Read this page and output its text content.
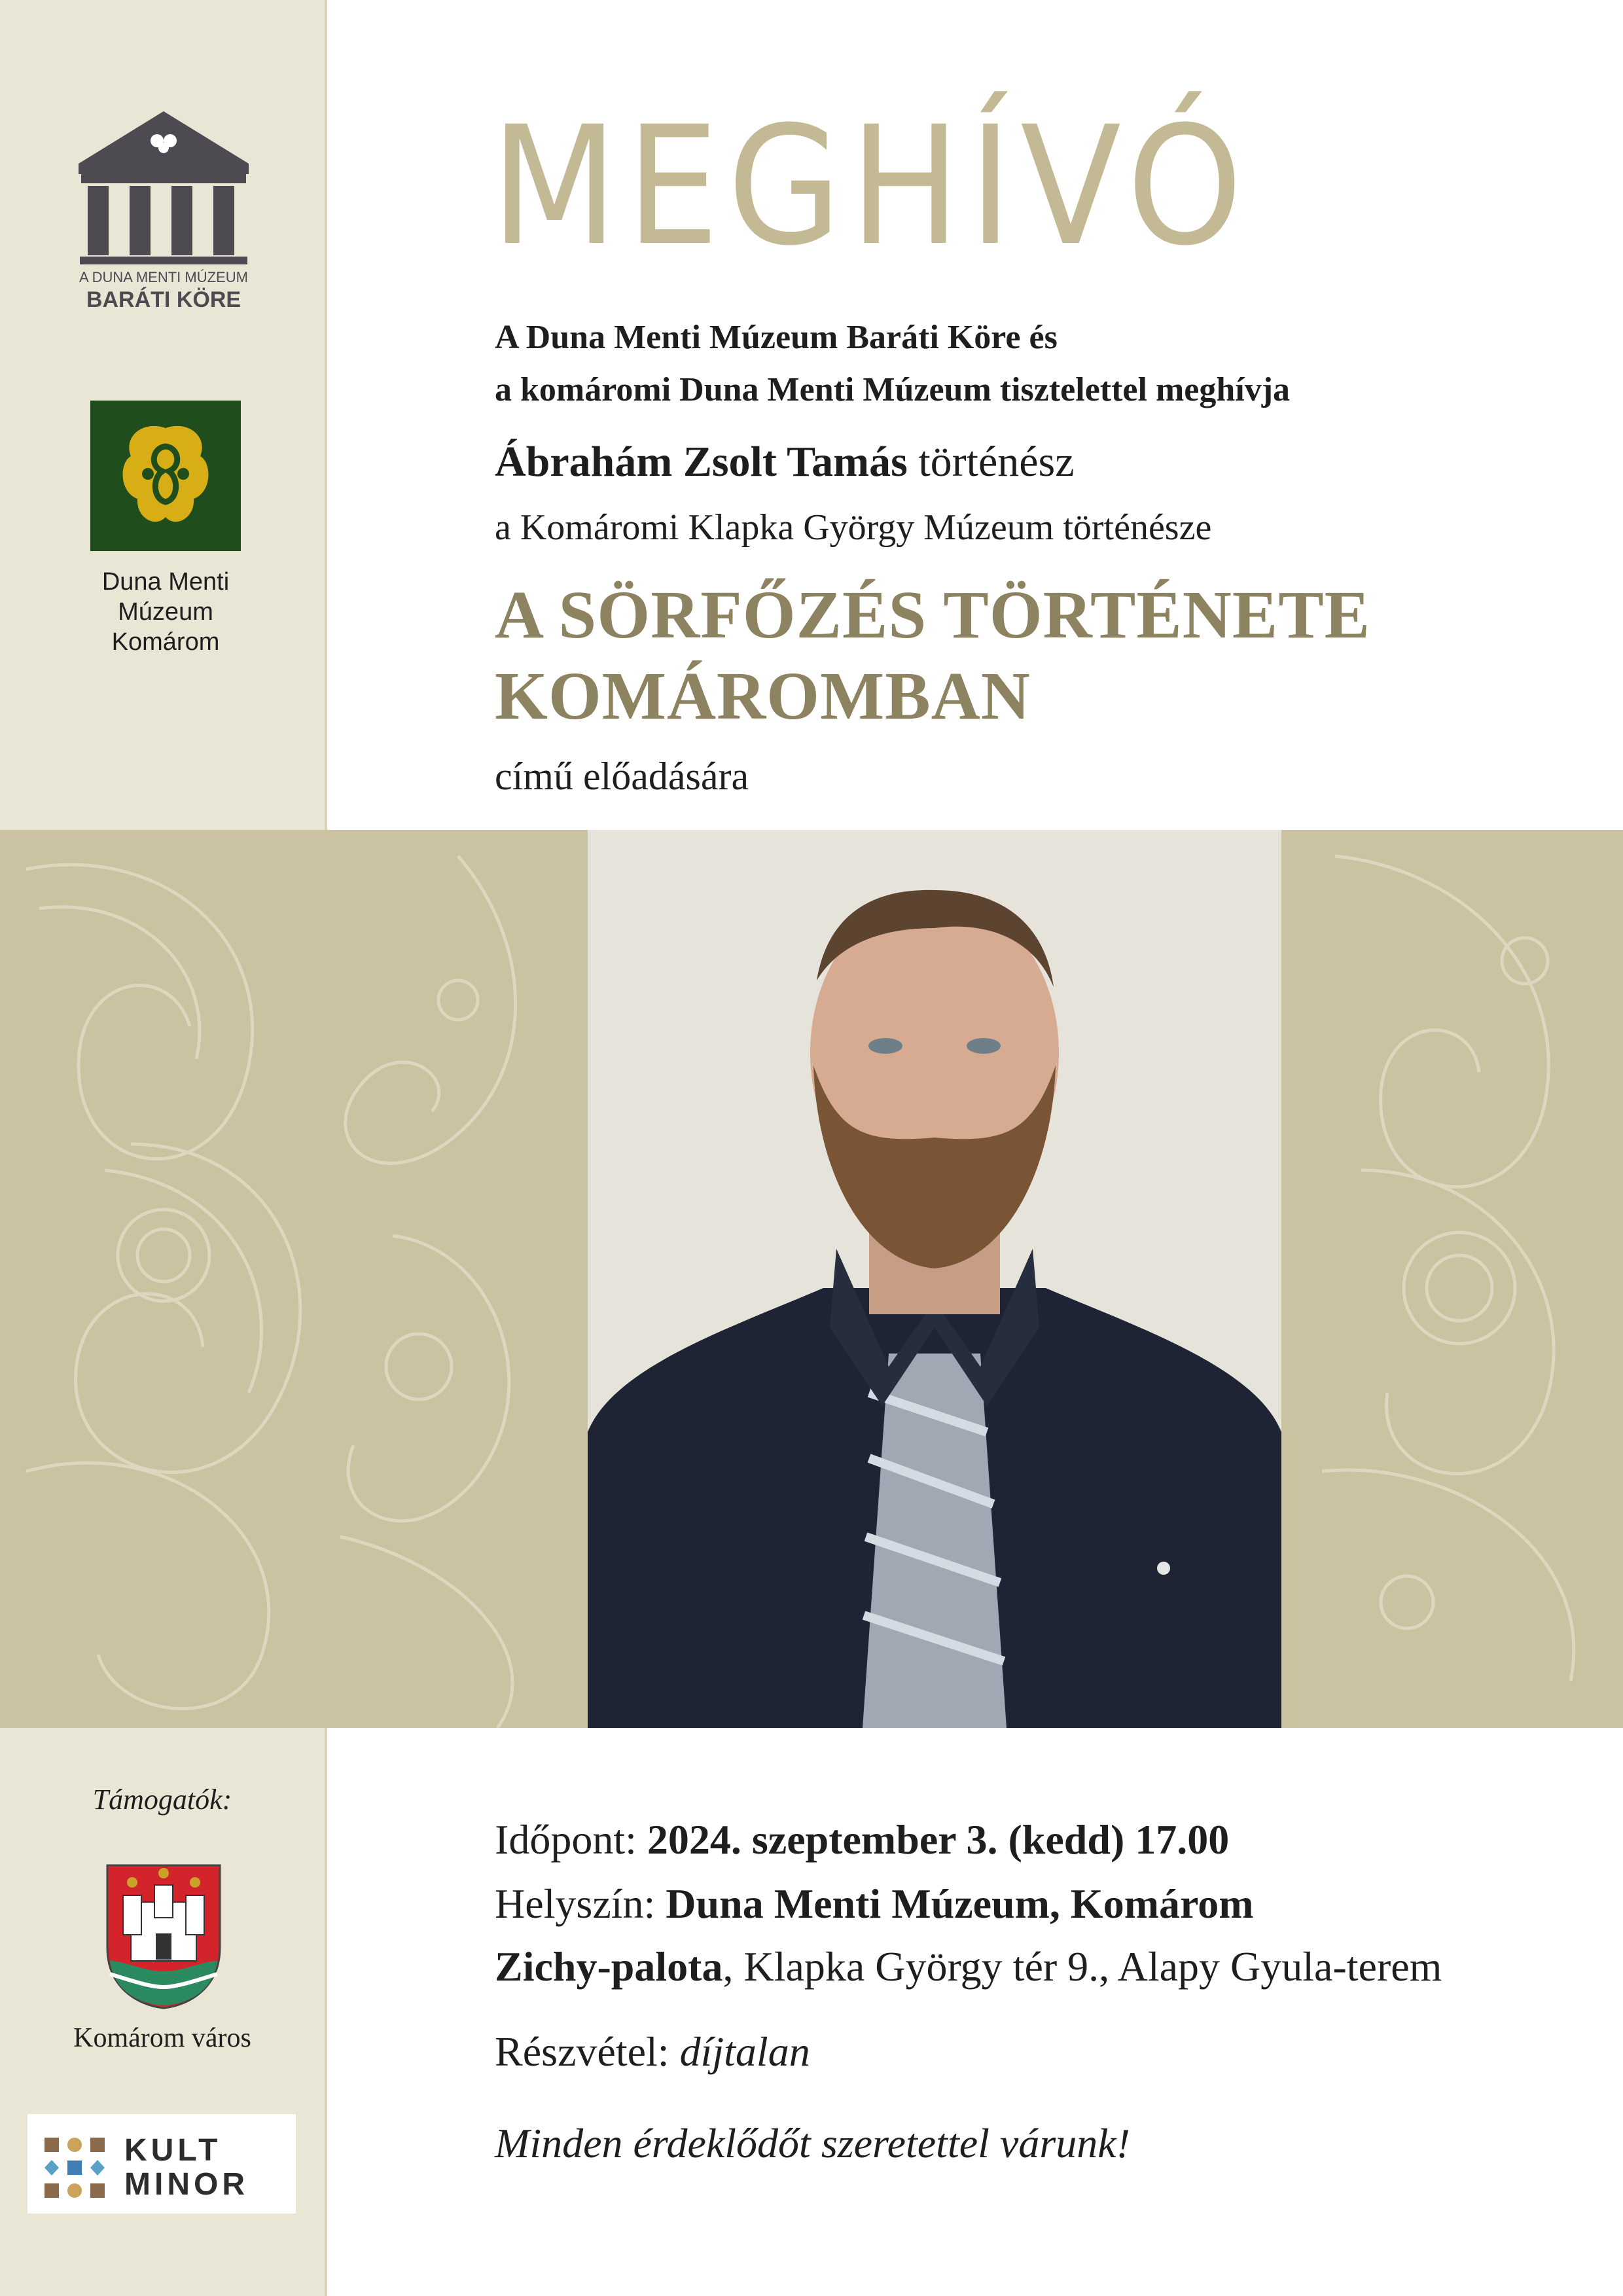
A DUNA MENTI MÚZEUM
BARÁTI KÖRE
Duna Menti
Múzeum
Komárom
MEGHÍVÓ
A Duna Menti Múzeum Baráti Köre és
a komáromi Duna Menti Múzeum tisztelettel meghívja
Ábrahám Zsolt Tamás történész
a Komáromi Klapka György Múzeum történésze
A SÖRFŐZÉS TÖRTÉNETE
KOMÁROMBAN
című előadására
Támogatók:
Komárom város
KULT
MINOR
Időpont: 2024. szeptember 3. (kedd) 17.00
Helyszín: Duna Menti Múzeum, Komárom
Zichy-palota, Klapka György tér 9., Alapy Gyula-terem
Részvétel: díjtalan
Minden érdeklődőt szeretettel várunk!
